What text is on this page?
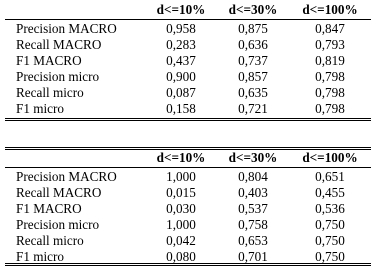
	d<=10%	d<=30%	d<=100%
Precision MACRO	0,958	0,875	0,847
Recall MACRO	0,283	0,636	0,793
F1 MACRO	0,437	0,737	0,819
Precision micro	0,900	0,857	0,798
Recall micro	0,087	0,635	0,798
F1 micro	0,158	0,721	0,798
	d<=10%	d<=30%	d<=100%
Precision MACRO	1,000	0,804	0,651
Recall MACRO	0,015	0,403	0,455
F1 MACRO	0,030	0,537	0,536
Precision micro	1,000	0,758	0,750
Recall micro	0,042	0,653	0,750
F1 micro	0,080	0,701	0,750
